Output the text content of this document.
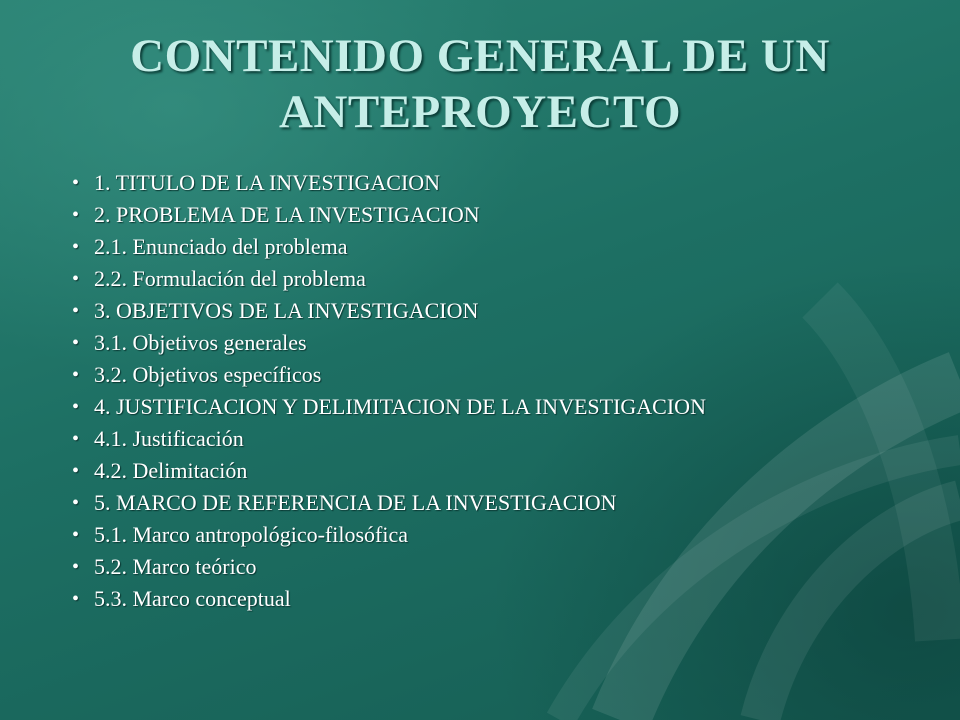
CONTENIDO GENERAL DE UN
ANTEPROYECTO
• 1. TITULO DE LA INVESTIGACION
• 2. PROBLEMA DE LA INVESTIGACION
• 2.1. Enunciado del problema
• 2.2. Formulación del problema
• 3. OBJETIVOS DE LA INVESTIGACION
• 3.1. Objetivos generales
• 3.2. Objetivos específicos
• 4. JUSTIFICACION Y DELIMITACION DE LA INVESTIGACION
• 4.1. Justificación
• 4.2. Delimitación
• 5. MARCO DE REFERENCIA DE LA INVESTIGACION
• 5.1. Marco antropológico-filosófica
• 5.2. Marco teórico
• 5.3. Marco conceptual
